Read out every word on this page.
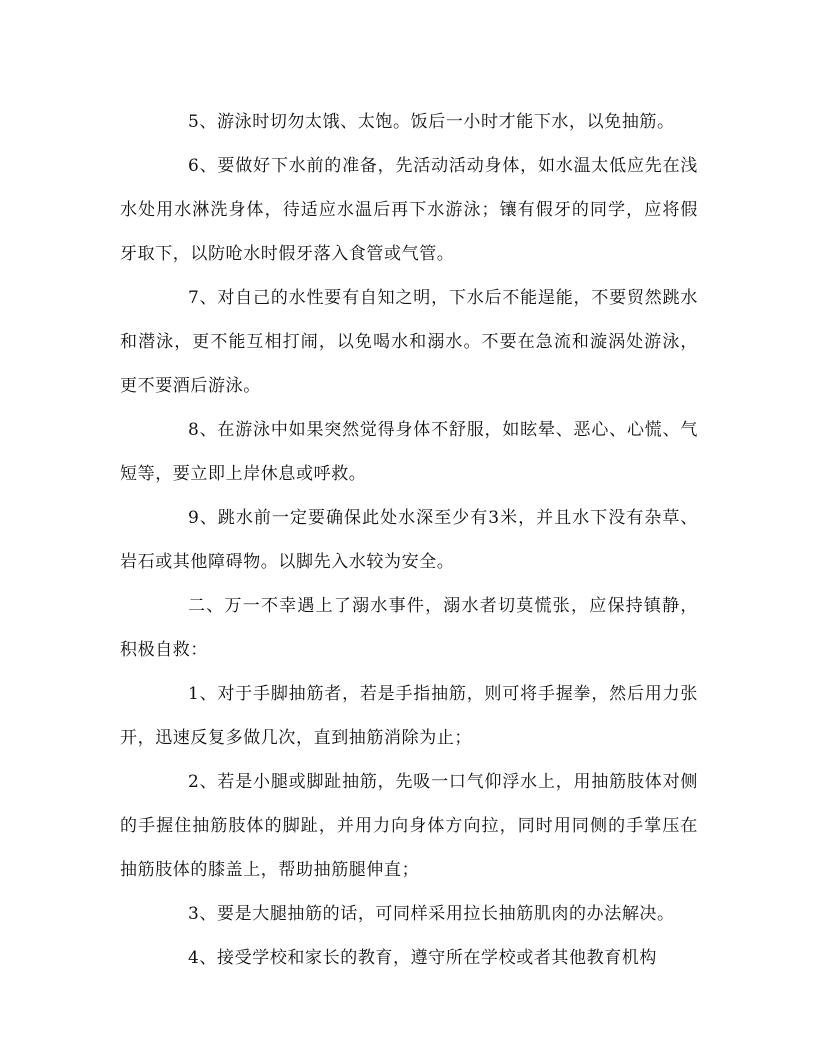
5、游泳时切勿太饿、太饱。饭后一小时才能下水，以免抽筋。

6、要做好下水前的准备，先活动活动身体，如水温太低应先在浅水处用水淋洗身体，待适应水温后再下水游泳；镶有假牙的同学，应将假牙取下，以防呛水时假牙落入食管或气管。

7、对自己的水性要有自知之明，下水后不能逞能，不要贸然跳水和潜泳，更不能互相打闹，以免喝水和溺水。不要在急流和漩涡处游泳，更不要酒后游泳。

8、在游泳中如果突然觉得身体不舒服，如眩晕、恶心、心慌、气短等，要立即上岸休息或呼救。

9、跳水前一定要确保此处水深至少有3米，并且水下没有杂草、岩石或其他障碍物。以脚先入水较为安全。

二、万一不幸遇上了溺水事件，溺水者切莫慌张，应保持镇静，积极自救：

1、对于手脚抽筋者，若是手指抽筋，则可将手握拳，然后用力张开，迅速反复多做几次，直到抽筋消除为止；

2、若是小腿或脚趾抽筋，先吸一口气仰浮水上，用抽筋肢体对侧的手握住抽筋肢体的脚趾，并用力向身体方向拉，同时用同侧的手掌压在抽筋肢体的膝盖上，帮助抽筋腿伸直；

3、要是大腿抽筋的话，可同样采用拉长抽筋肌肉的办法解决。

4、接受学校和家长的教育，遵守所在学校或者其他教育机构
